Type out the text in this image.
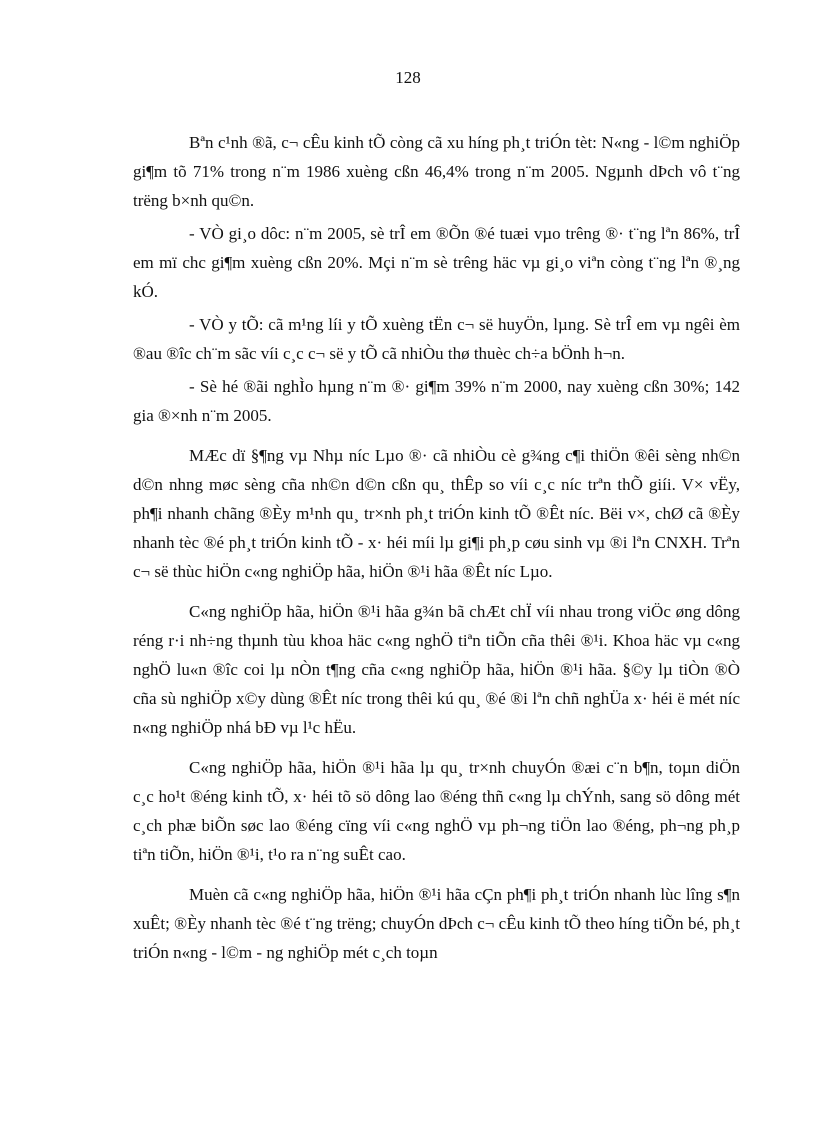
128

Bªn c¹nh ®ã, c¬ cÊu kinh tÕ còng cã xu híng ph¸t triÓn tèt: N«ng - l©m nghiÖp gi¶m tõ 71% trong n¨m 1986 xuèng cßn 46,4% trong n¨m 2005. Ngµnh dÞch vô t¨ng trëng b×nh qu©n.

- VÒ gi¸o dôc: n¨m 2005, sè trÎ em ®Õn ®é tuæi vµo trêng ®· t¨ng lªn 86%, trÎ em mï chc gi¶m xuèng cßn 20%. Mçi n¨m sè trêng häc vµ gi¸o viªn còng t¨ng lªn ®¸ng kÓ.

- VÒ y tÕ: cã m¹ng líi y tÕ xuèng tËn c¬ së huyÖn, lµng. Sè trÎ em vµ ngêi èm ®au ®îc ch¨m sãc víi c¸c c¬ së y tÕ cã nhiÒu thø thuèc ch÷a bÖnh h¬n.

- Sè hé ®ãi nghÌo hµng n¨m ®· gi¶m 39% n¨m 2000, nay xuèng cßn 30%; 142 gia ®×nh n¨m 2005.

MÆc dï §¶ng vµ Nhµ níc Lµo ®· cã nhiÒu cè g¾ng c¶i thiÖn ®êi sèng nh©n d©n nhng møc sèng cña nh©n d©n cßn qu¸ thÊp so víi c¸c níc trªn thÕ giíi. V× vËy, ph¶i nhanh chãng ®Èy m¹nh qu¸ tr×nh ph¸t triÓn kinh tÕ ®Êt níc. Bëi v×, chØ cã ®Èy nhanh tèc ®é ph¸t triÓn kinh tÕ - x· héi míi lµ gi¶i ph¸p cøu sinh vµ ®i lªn CNXH. Trªn c¬ së thùc hiÖn c«ng nghiÖp hãa, hiÖn ®¹i hãa ®Êt níc Lµo.

C«ng nghiÖp hãa, hiÖn ®¹i hãa g¾n bã chÆt chÏ víi nhau trong viÖc øng dông réng r·i nh÷ng thµnh tùu khoa häc c«ng nghÖ tiªn tiÕn cña thêi ®¹i. Khoa häc vµ c«ng nghÖ lu«n ®îc coi lµ nÒn t¶ng cña c«ng nghiÖp hãa, hiÖn ®¹i hãa. §©y lµ tiÒn ®Ò cña sù nghiÖp x©y dùng ®Êt níc trong thêi kú qu¸ ®é ®i lªn chñ nghÜa x· héi ë mét níc n«ng nghiÖp nhá bÐ vµ l¹c hËu.

C«ng nghiÖp hãa, hiÖn ®¹i hãa lµ qu¸ tr×nh chuyÓn ®æi c¨n b¶n, toµn diÖn c¸c ho¹t ®éng kinh tÕ, x· héi tõ sö dông lao ®éng thñ c«ng lµ chÝnh, sang sö dông mét c¸ch phæ biÕn søc lao ®éng cïng víi c«ng nghÖ vµ ph¬ng tiÖn lao ®éng, ph¬ng ph¸p tiªn tiÕn, hiÖn ®¹i, t¹o ra n¨ng suÊt cao.

Muèn cã c«ng nghiÖp hãa, hiÖn ®¹i hãa cÇn ph¶i ph¸t triÓn nhanh lùc lîng s¶n xuÊt; ®Èy nhanh tèc ®é t¨ng trëng; chuyÓn dÞch c¬ cÊu kinh tÕ theo híng tiÕn bé, ph¸t triÓn n«ng - l©m - ng nghiÖp mét c¸ch toµn
